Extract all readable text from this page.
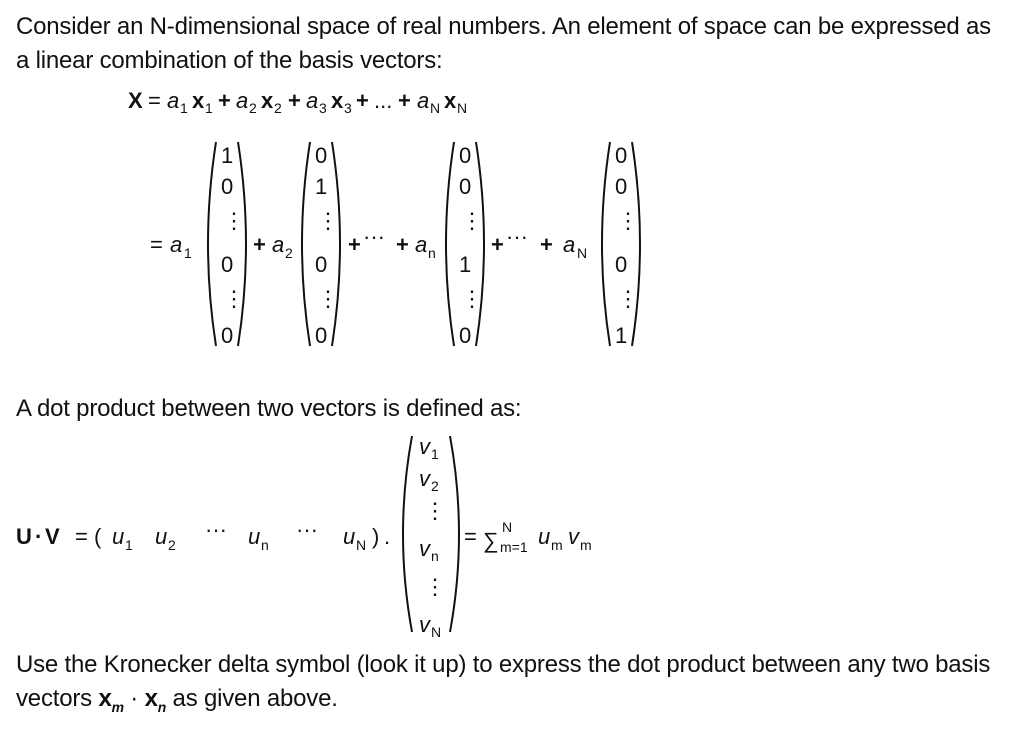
Consider an N-dimensional space of real numbers. An element of space can be expressed as a linear combination of the basis vectors:
X = a 1 x 1 + a 2 x 2 + a 3 x 3 + ... + a N x N
= a 1
1
0
⋮
0
⋮
0
+ a 2
0
1
⋮
0
⋮
0
+ ··· + a n
0
0
⋮
1
⋮
0
+ ··· + a N
0
0
⋮
0
⋮
1
U · V = ( u 1 u 2
··· u n
··· u N ) .
v 1
v 2
⋮
v n
⋮
v N
= ∑
N
m=1 u m v m
A dot product between two vectors is defined as:
Use the Kronecker delta symbol (look it up) to express the dot product between any two basis vectors $x_m \cdot x_n$ as given above.
